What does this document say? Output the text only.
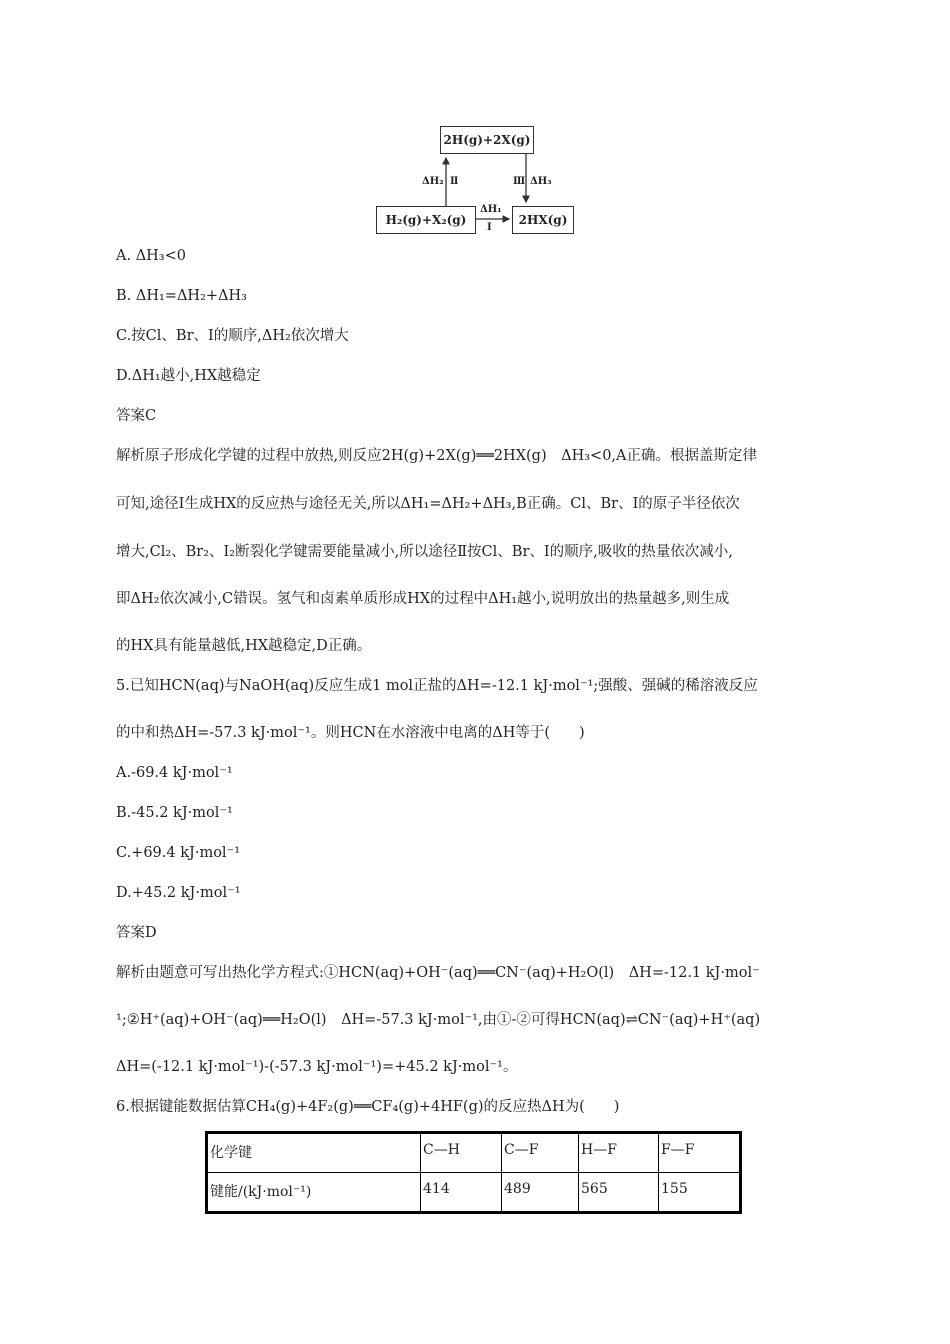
2H(g)+2X(g)
H₂(g)+X₂(g)	2HX(g)
ΔH₂ Ⅱ	Ⅲ ΔH₃
ΔH₁
Ⅰ
A. ΔH₃<0
B. ΔH₁=ΔH₂+ΔH₃
C.按Cl、Br、I的顺序,ΔH₂依次增大
D.ΔH₁越小,HX越稳定
答案C
解析原子形成化学键的过程中放热,则反应2H(g)+2X(g)══2HX(g)　ΔH₃<0,A正确。根据盖斯定律
可知,途径Ⅰ生成HX的反应热与途径无关,所以ΔH₁=ΔH₂+ΔH₃,B正确。Cl、Br、I的原子半径依次
增大,Cl₂、Br₂、I₂断裂化学键需要能量减小,所以途径Ⅱ按Cl、Br、I的顺序,吸收的热量依次减小,
即ΔH₂依次减小,C错误。氢气和卤素单质形成HX的过程中ΔH₁越小,说明放出的热量越多,则生成
的HX具有能量越低,HX越稳定,D正确。
5.已知HCN(aq)与NaOH(aq)反应生成1 mol正盐的ΔH=-12.1 kJ·mol⁻¹;强酸、强碱的稀溶液反应
的中和热ΔH=-57.3 kJ·mol⁻¹。则HCN在水溶液中电离的ΔH等于(　　)
A.-69.4 kJ·mol⁻¹
B.-45.2 kJ·mol⁻¹
C.+69.4 kJ·mol⁻¹
D.+45.2 kJ·mol⁻¹
答案D
解析由题意可写出热化学方程式:①HCN(aq)+OH⁻(aq)══CN⁻(aq)+H₂O(l)　ΔH=-12.1 kJ·mol⁻
¹;②H⁺(aq)+OH⁻(aq)══H₂O(l)　ΔH=-57.3 kJ·mol⁻¹,由①-②可得HCN(aq)⇌CN⁻(aq)+H⁺(aq)
ΔH=(-12.1 kJ·mol⁻¹)-(-57.3 kJ·mol⁻¹)=+45.2 kJ·mol⁻¹。
6.根据键能数据估算CH₄(g)+4F₂(g)══CF₄(g)+4HF(g)的反应热ΔH为(　　)
化学键	C—H	C—F	H—F	F—F
键能/(kJ·mol⁻¹)	414	489	565	155
